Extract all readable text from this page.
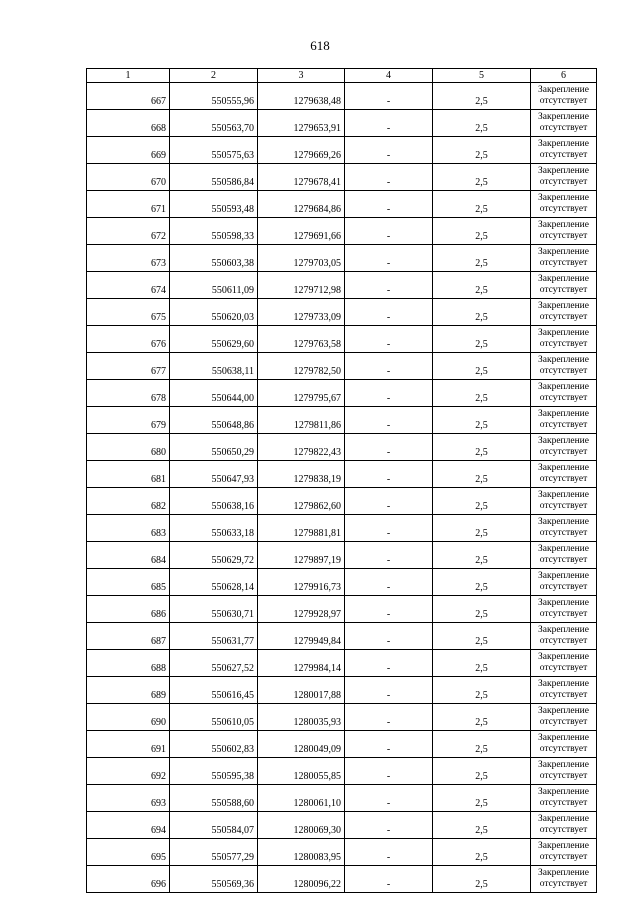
618
1	2	3	4	5	6
667	550555,96	1279638,48	-	2,5	Закрепление
отсутствует

668	550563,70	1279653,91	-	2,5	Закрепление
отсутствует

669	550575,63	1279669,26	-	2,5	Закрепление
отсутствует

670	550586,84	1279678,41	-	2,5	Закрепление
отсутствует

671	550593,48	1279684,86	-	2,5	Закрепление
отсутствует

672	550598,33	1279691,66	-	2,5	Закрепление
отсутствует

673	550603,38	1279703,05	-	2,5	Закрепление
отсутствует

674	550611,09	1279712,98	-	2,5	Закрепление
отсутствует

675	550620,03	1279733,09	-	2,5	Закрепление
отсутствует

676	550629,60	1279763,58	-	2,5	Закрепление
отсутствует

677	550638,11	1279782,50	-	2,5	Закрепление
отсутствует

678	550644,00	1279795,67	-	2,5	Закрепление
отсутствует

679	550648,86	1279811,86	-	2,5	Закрепление
отсутствует

680	550650,29	1279822,43	-	2,5	Закрепление
отсутствует

681	550647,93	1279838,19	-	2,5	Закрепление
отсутствует

682	550638,16	1279862,60	-	2,5	Закрепление
отсутствует

683	550633,18	1279881,81	-	2,5	Закрепление
отсутствует

684	550629,72	1279897,19	-	2,5	Закрепление
отсутствует

685	550628,14	1279916,73	-	2,5	Закрепление
отсутствует

686	550630,71	1279928,97	-	2,5	Закрепление
отсутствует

687	550631,77	1279949,84	-	2,5	Закрепление
отсутствует

688	550627,52	1279984,14	-	2,5	Закрепление
отсутствует

689	550616,45	1280017,88	-	2,5	Закрепление
отсутствует

690	550610,05	1280035,93	-	2,5	Закрепление
отсутствует

691	550602,83	1280049,09	-	2,5	Закрепление
отсутствует

692	550595,38	1280055,85	-	2,5	Закрепление
отсутствует

693	550588,60	1280061,10	-	2,5	Закрепление
отсутствует

694	550584,07	1280069,30	-	2,5	Закрепление
отсутствует

695	550577,29	1280083,95	-	2,5	Закрепление
отсутствует

696	550569,36	1280096,22	-	2,5	Закрепление
отсутствует
